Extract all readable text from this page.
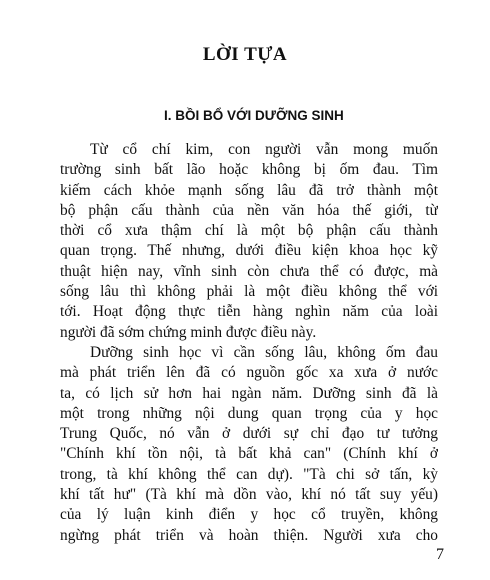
LỜI TỰA
I. BỒI BỔ VỚI DƯỠNG SINH
Từ cổ chí kim, con người vẫn mong muốn
trường sinh bất lão hoặc không bị ốm đau. Tìm
kiếm cách khỏe mạnh sống lâu đã trở thành một
bộ phận cấu thành của nền văn hóa thế giới, từ
thời cổ xưa thậm chí là một bộ phận cấu thành
quan trọng. Thế nhưng, dưới điều kiện khoa học kỹ
thuật hiện nay, vĩnh sinh còn chưa thể có được, mà
sống lâu thì không phải là một điều không thể với
tới. Hoạt động thực tiễn hàng nghìn năm của loài
người đã sớm chứng minh được điều này.
Dưỡng sinh học vì cần sống lâu, không ốm đau
mà phát triển lên đã có nguồn gốc xa xưa ở nước
ta, có lịch sử hơn hai ngàn năm. Dưỡng sinh đã là
một trong những nội dung quan trọng của y học
Trung Quốc, nó vẫn ở dưới sự chỉ đạo tư tưởng
"Chính khí tồn nội, tà bất khả can" (Chính khí ở
trong, tà khí không thể can dự). "Tà chi sở tấn, kỳ
khí tất hư" (Tà khí mà dồn vào, khí nó tất suy yếu)
của lý luận kinh điển y học cổ truyền, không
ngừng phát triển và hoàn thiện. Người xưa cho
7
